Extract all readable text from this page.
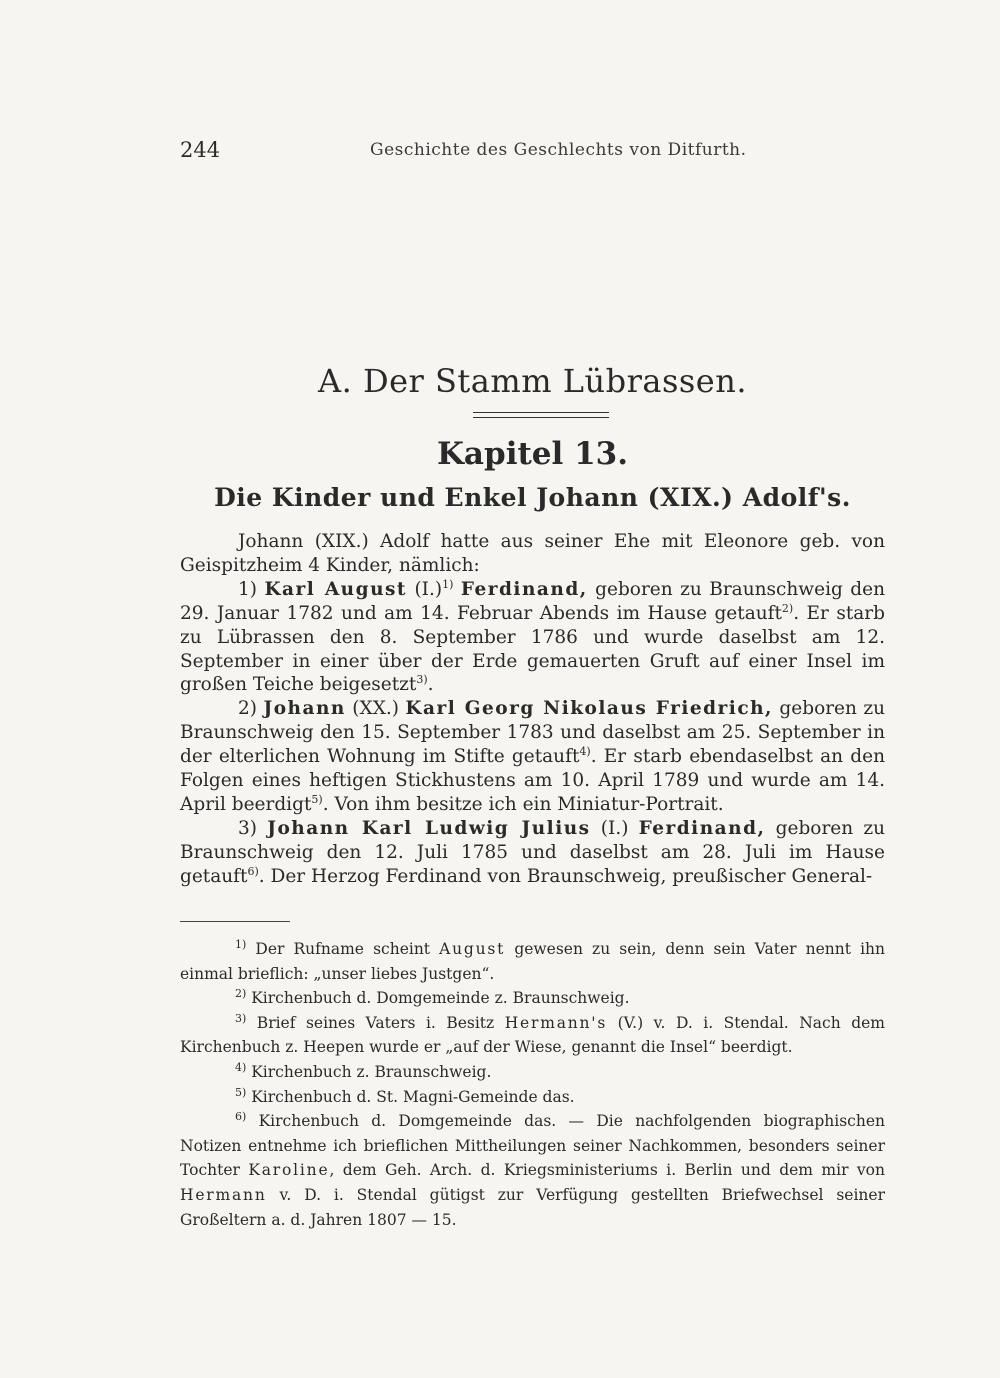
244	Geschichte des Geschlechts von Ditfurth.
A. Der Stamm Lübrassen.
Kapitel 13.
Die Kinder und Enkel Johann (XIX.) Adolf's.

Johann (XIX.) Adolf hatte aus seiner Ehe mit Eleonore geb. von Geispitzheim 4 Kinder, nämlich:

1) Karl August $(I.)^{1)}$ Ferdinand, geboren zu Braunschweig den 29. Januar 1782 und am 14. Februar Abends im Hause getauft$^{2)}$. Er starb zu Lübrassen den 8. September 1786 und wurde daselbst am 12. September in einer über der Erde gemauerten Gruft auf einer Insel im großen Teiche beigesetzt$^{3)}$.

2) Johann (XX.) Karl Georg Nikolaus Friedrich, geboren zu Braunschweig den 15. September 1783 und daselbst am 25. September in der elterlichen Wohnung im Stifte getauft$^{4)}$. Er starb ebendaselbst an den Folgen eines heftigen Stickhustens am 10. April 1789 und wurde am 14. April beerdigt$^{5)}$. Von ihm besitze ich ein Miniatur-Portrait.

3) Johann Karl Ludwig Julius (I.) Ferdinand, geboren zu Braunschweig den 12. Juli 1785 und daselbst am 28. Juli im Hause getauft$^{6)}$. Der Herzog Ferdinand von Braunschweig, preußischer General-

$^{1)}$ Der Rufname scheint August gewesen zu sein, denn sein Vater nennt ihn einmal brieflich: „unser liebes Justgen“.

$^{2)}$ Kirchenbuch d. Domgemeinde z. Braunschweig.

$^{3)}$ Brief seines Vaters i. Besitz Hermann's (V.) v. D. i. Stendal. Nach dem Kirchenbuch z. Heepen wurde er „auf der Wiese, genannt die Insel“ beerdigt.

$^{4)}$ Kirchenbuch z. Braunschweig.

$^{5)}$ Kirchenbuch d. St. Magni-Gemeinde das.

$^{6)}$ Kirchenbuch d. Domgemeinde das. — Die nachfolgenden biographischen Notizen entnehme ich brieflichen Mittheilungen seiner Nachkommen, besonders seiner Tochter Karoline, dem Geh. Arch. d. Kriegsministeriums i. Berlin und dem mir von Hermann v. D. i. Stendal gütigst zur Verfügung gestellten Briefwechsel seiner Großeltern a. d. Jahren 1807 — 15.
